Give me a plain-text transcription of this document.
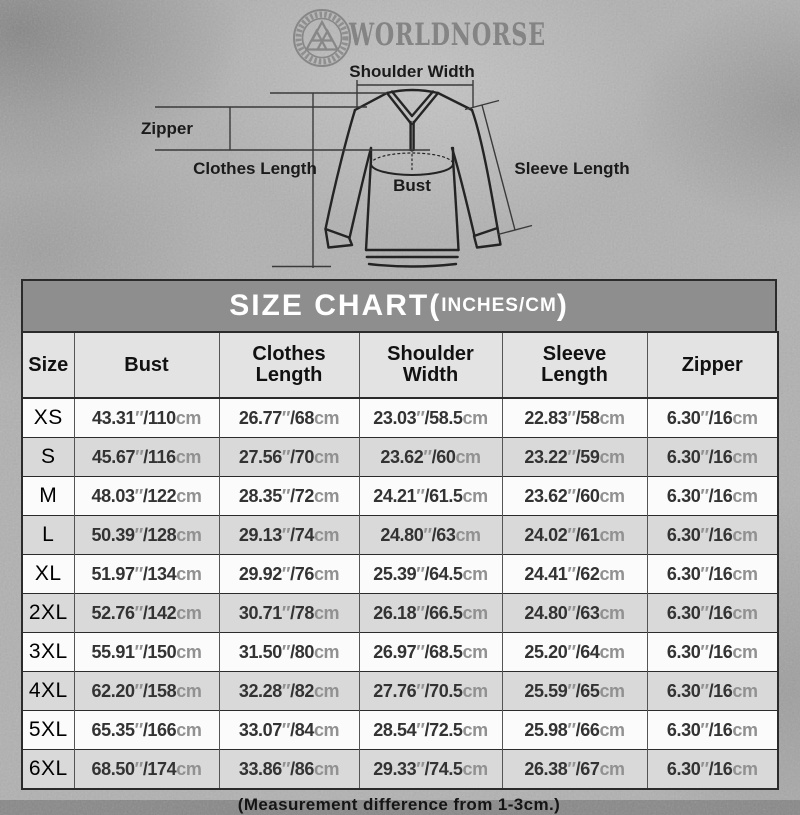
WORLDNORSE
Shoulder Width
Zipper
Clothes Length
Bust
Sleeve Length
SIZE CHART( INCHES/CM )
Size	Bust	Clothes Length	Shoulder Width	Sleeve Length	Zipper
XS	43.31″/110cm	26.77″/68cm	23.03″/58.5cm	22.83″/58cm	6.30″/16cm
S	45.67″/116cm	27.56″/70cm	23.62″/60cm	23.22″/59cm	6.30″/16cm
M	48.03″/122cm	28.35″/72cm	24.21″/61.5cm	23.62″/60cm	6.30″/16cm
L	50.39″/128cm	29.13″/74cm	24.80″/63cm	24.02″/61cm	6.30″/16cm
XL	51.97″/134cm	29.92″/76cm	25.39″/64.5cm	24.41″/62cm	6.30″/16cm
2XL	52.76″/142cm	30.71″/78cm	26.18″/66.5cm	24.80″/63cm	6.30″/16cm
3XL	55.91″/150cm	31.50″/80cm	26.97″/68.5cm	25.20″/64cm	6.30″/16cm
4XL	62.20″/158cm	32.28″/82cm	27.76″/70.5cm	25.59″/65cm	6.30″/16cm
5XL	65.35″/166cm	33.07″/84cm	28.54″/72.5cm	25.98″/66cm	6.30″/16cm
6XL	68.50″/174cm	33.86″/86cm	29.33″/74.5cm	26.38″/67cm	6.30″/16cm
(Measurement difference from 1-3cm.)
